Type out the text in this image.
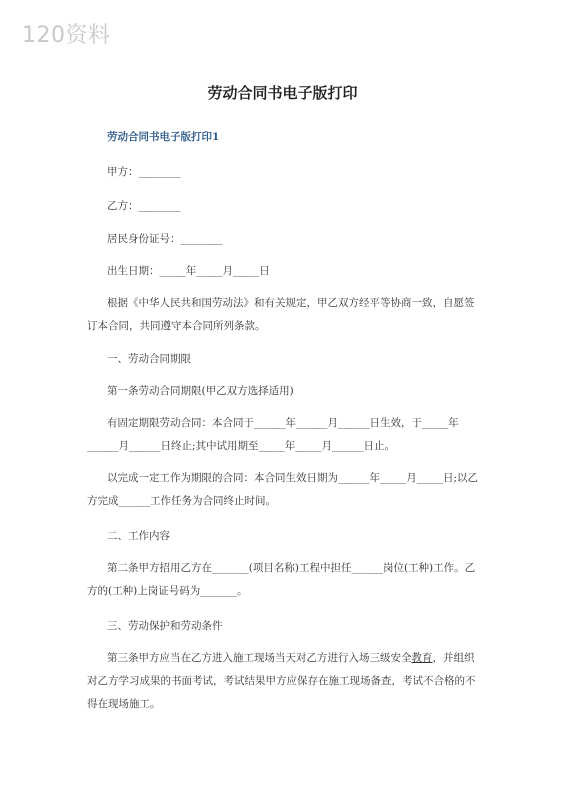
120资料
劳动合同书电子版打印
劳动合同书电子版打印1
甲方：________
乙方：________
居民身份证号：________
出生日期：_____年_____月_____日
根据《中华人民共和国劳动法》和有关规定，甲乙双方经平等协商一致，自愿签订本合同，共同遵守本合同所列条款。
一、劳动合同期限
第一条劳动合同期限(甲乙双方选择适用)
有固定期限劳动合同：本合同于______年______月______日生效，于_____年______月______日终止;其中试用期至_____年_____月______日止。
以完成一定工作为期限的合同：本合同生效日期为______年_____月_____日;以乙方完成______工作任务为合同终止时间。
二、工作内容
第二条甲方招用乙方在_______(项目名称)工程中担任______岗位(工种)工作。乙方的(工种)上岗证号码为_______。
三、劳动保护和劳动条件
第三条甲方应当在乙方进入施工现场当天对乙方进行入场三级安全教育，并组织对乙方学习成果的书面考试，考试结果甲方应保存在施工现场备查，考试不合格的不得在现场施工。
